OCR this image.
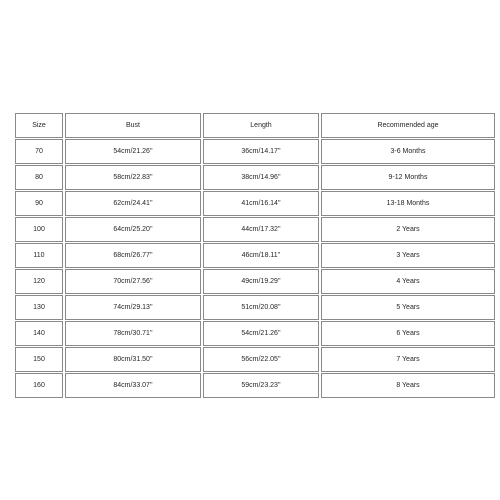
Size	Bust	Length	Recommended age
70	54cm/21.26''	36cm/14.17''	3-6 Months
80	58cm/22.83''	38cm/14.96''	9-12 Months
90	62cm/24.41''	41cm/16.14''	13-18 Months
100	64cm/25.20''	44cm/17.32''	2 Years
110	68cm/26.77''	46cm/18.11''	3 Years
120	70cm/27.56''	49cm/19.29''	4 Years
130	74cm/29.13''	51cm/20.08''	5 Years
140	78cm/30.71''	54cm/21.26''	6 Years
150	80cm/31.50''	56cm/22.05''	7 Years
160	84cm/33.07''	59cm/23.23''	8 Years
